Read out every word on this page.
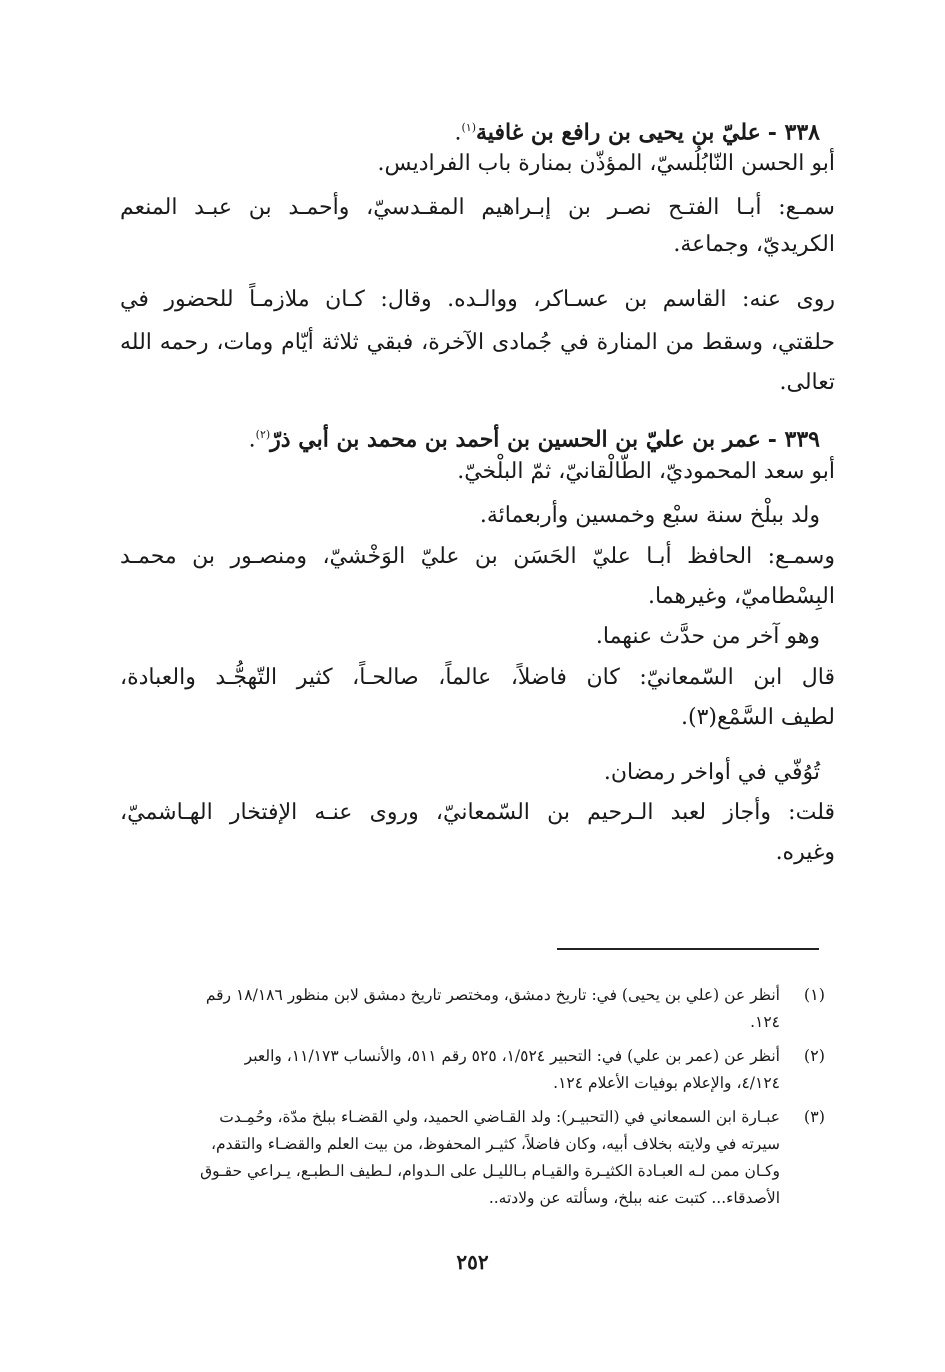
٣٣٨ - عليّ بن يحيى بن رافع بن غافية$^{(١)}$.
أبو الحسن النّابُلُسيّ، المؤذّن بمنارة باب الفراديس.
سمـع: أبـا الفتـح نصـر بن إبـراهيم المقـدسيّ، وأحمـد بن عبـد المنعم
الكريديّ، وجماعة.
روى عنه: القاسم بن عسـاكر، ووالـده. وقال: كـان ملازمـاً للحضور في
حلقتي، وسقط من المنارة في جُمادى الآخرة، فبقي ثلاثة أيّام ومات، رحمه الله
تعالى.
٣٣٩ - عمر بن عليّ بن الحسين بن أحمد بن محمد بن أبي ذرّ$^{(٢)}$.
أبو سعد المحموديّ، الطّالْقانيّ، ثمّ البلْخيّ.
ولد ببلْخ سنة سبْع وخمسين وأربعمائة.
وسمـع: الحافظ أبـا عليّ الحَسَن بن عليّ الوَخْشيّ، ومنصـور بن محمـد
البِسْطاميّ، وغيرهما.
وهو آخر من حدَّث عنهما.
قال ابن السّمعانيّ: كان فاضلاً، عالماً، صالحـاً، كثير التّهجُّـد والعبادة،
لطيف السَّمْع(٣).
تُوُفّي في أواخر رمضان.
قلت: وأجاز لعبد الـرحيم بن السّمعانيّ، وروى عنـه الإفتخار الهـاشميّ،
وغيره.
(١)
أنظر عن (علي بن يحيى) في: تاريخ دمشق، ومختصر تاريخ دمشق لابن منظور ١٨/١٨٦ رقم
١٢٤.
(٢)
أنظر عن (عمر بن علي) في: التحبير ١/٥٢٤، ٥٢٥ رقم ٥١١، والأنساب ١١/١٧٣، والعبر
٤/١٢٤، والإعلام بوفيات الأعلام ١٢٤.
(٣)
عبـارة ابن السمعاني في (التحبيـر): ولد القـاضي الحميد، ولي القضـاء ببلخ مدّة، وحُمِـدت
سيرته في ولايته بخلاف أبيه، وكان فاضلاً، كثيـر المحفوظ، من بيت العلم والقضـاء والتقدم،
وكـان ممن لـه العبـادة الكثيـرة والقيـام بـالليـل على الـدوام، لـطيف الـطبـع، يـراعي حقـوق
الأصدقاء... كتبت عنه ببلخ، وسألته عن ولادته..
٢٥٢
